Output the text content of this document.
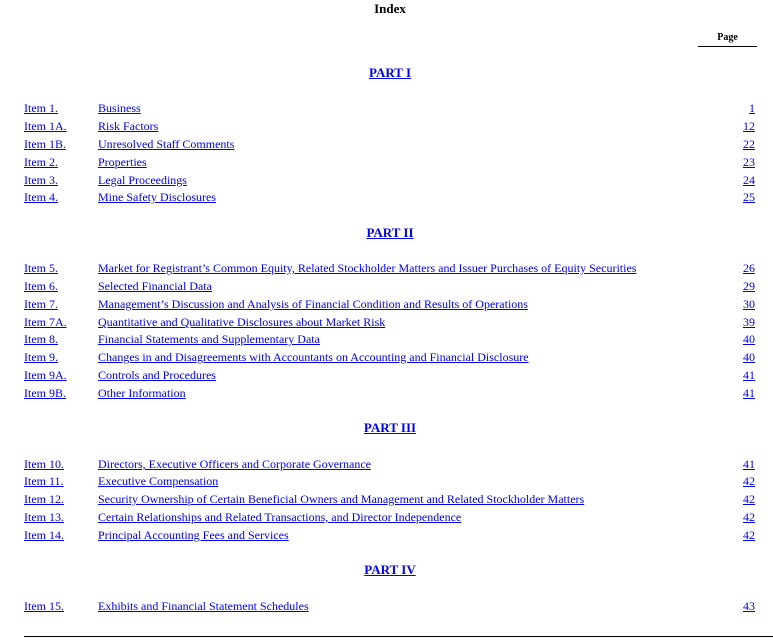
Index
Page
PART I
Item 1.	Business	1
Item 1A.	Risk Factors	12
Item 1B.	Unresolved Staff Comments	22
Item 2.	Properties	23
Item 3.	Legal Proceedings	24
Item 4.	Mine Safety Disclosures	25
PART II
Item 5.	Market for Registrant’s Common Equity, Related Stockholder Matters and Issuer Purchases of Equity Securities	26
Item 6.	Selected Financial Data	29
Item 7.	Management’s Discussion and Analysis of Financial Condition and Results of Operations	30
Item 7A.	Quantitative and Qualitative Disclosures about Market Risk	39
Item 8.	Financial Statements and Supplementary Data	40
Item 9.	Changes in and Disagreements with Accountants on Accounting and Financial Disclosure	40
Item 9A.	Controls and Procedures	41
Item 9B.	Other Information	41
PART III
Item 10.	Directors, Executive Officers and Corporate Governance	41
Item 11.	Executive Compensation	42
Item 12.	Security Ownership of Certain Beneficial Owners and Management and Related Stockholder Matters	42
Item 13.	Certain Relationships and Related Transactions, and Director Independence	42
Item 14.	Principal Accounting Fees and Services	42
PART IV
Item 15.	Exhibits and Financial Statement Schedules	43
